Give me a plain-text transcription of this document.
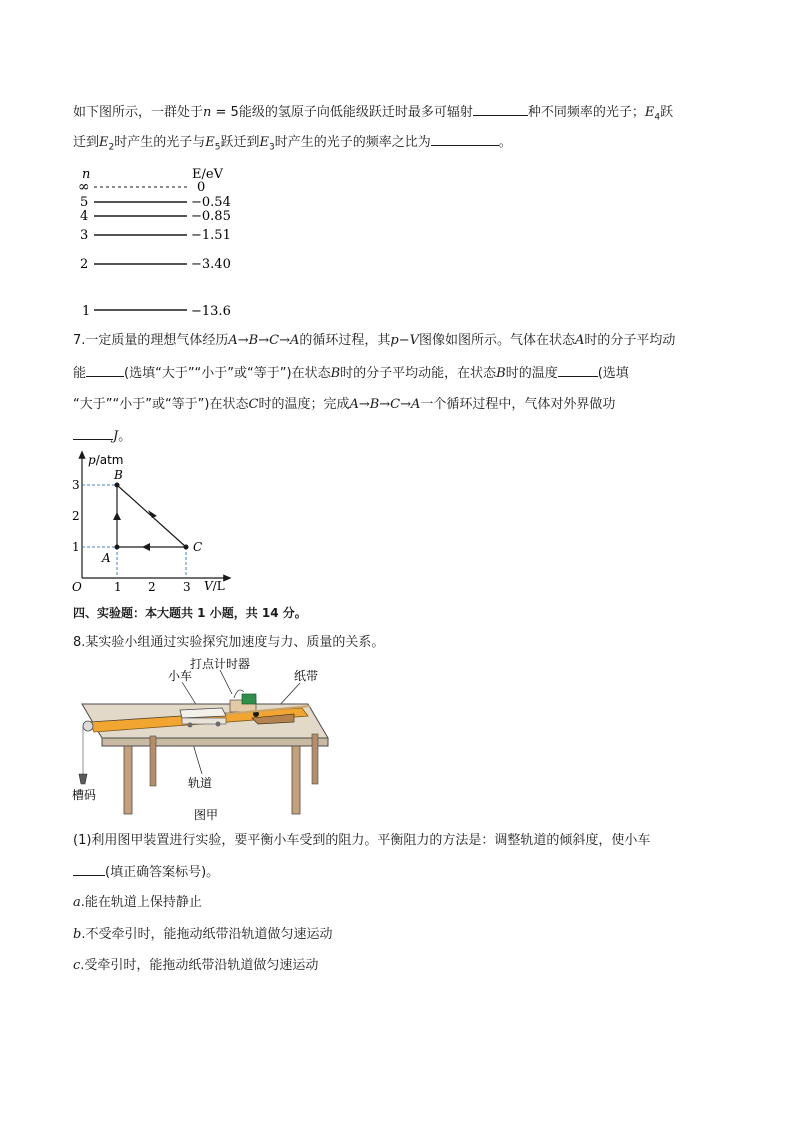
如下图所示，一群处于n = 5能级的氢原子向低能级跃迁时最多可辐射	种不同频率的光子；$E_4$跃
迁到$E_2$时产生的光子与$E_5$跃迁到$E_3$时产生的光子的频率之比为	。
n	E/eV
∞	0
5	−0.54
4	−0.85
3	−1.51
2	−3.40
1	−13.6
7.一定质量的理想气体经历A→B→C→A的循环过程，其p−V图像如图所示。气体在状态A时的分子平均动
能	(选填“大于”“小于”或“等于”)在状态B时的分子平均动能，在状态B时的温度	(选填
“大于”“小于”或“等于”)在状态C时的温度；完成A→B→C→A一个循环过程中，气体对外界做功
J。
p/atm
V/L
O
3
2
1
1 2 3
B
A
C
四、实验题：本大题共 1 小题，共 14 分。
8.某实验小组通过实验探究加速度与力、质量的关系。
打点计时器
小车	纸带
轨道
槽码
图甲
(1)利用图甲装置进行实验，要平衡小车受到的阻力。平衡阻力的方法是：调整轨道的倾斜度，使小车
(填正确答案标号)。
a.能在轨道上保持静止
b.不受牵引时，能拖动纸带沿轨道做匀速运动
c.受牵引时，能拖动纸带沿轨道做匀速运动
